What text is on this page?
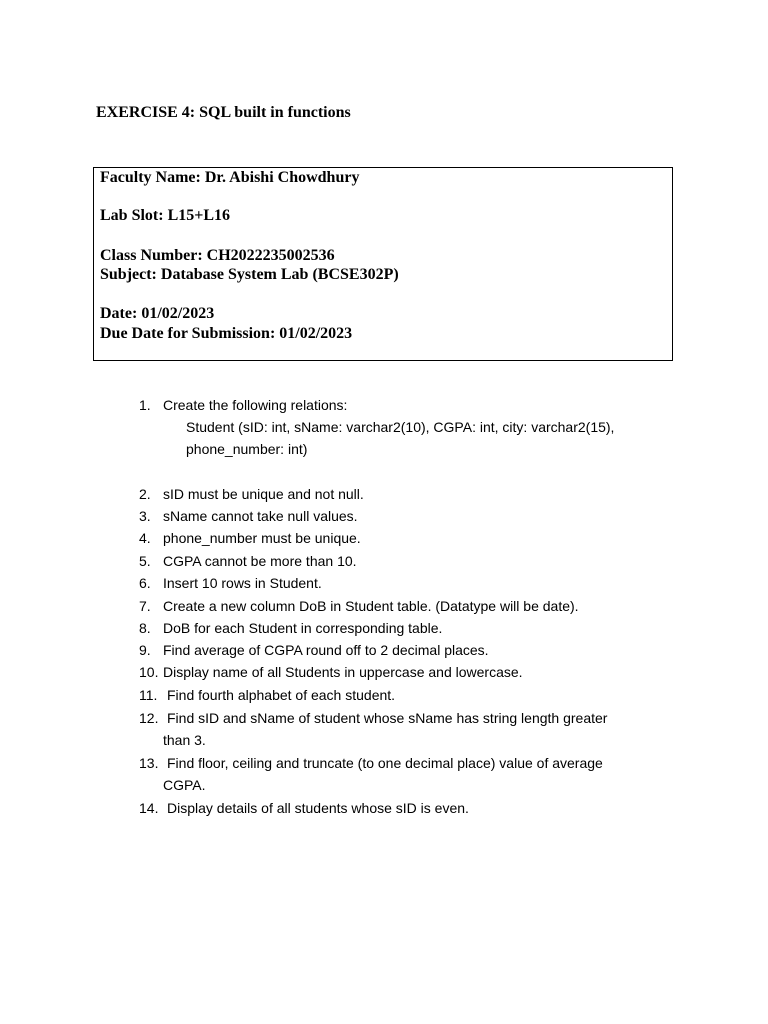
EXERCISE 4: SQL built in functions
Faculty Name: Dr. Abishi Chowdhury
Lab Slot: L15+L16
Class Number: CH2022235002536
Subject: Database System Lab (BCSE302P)
Date: 01/02/2023
Due Date for Submission: 01/02/2023
1. Create the following relations:
Student (sID: int, sName: varchar2(10), CGPA: int, city: varchar2(15),
phone_number: int)
2. sID must be unique and not null.
3. sName cannot take null values.
4. phone_number must be unique.
5. CGPA cannot be more than 10.
6. Insert 10 rows in Student.
7. Create a new column DoB in Student table. (Datatype will be date).
8. DoB for each Student in corresponding table.
9. Find average of CGPA round off to 2 decimal places.
10. Display name of all Students in uppercase and lowercase.
11. Find fourth alphabet of each student.
12. Find sID and sName of student whose sName has string length greater
than 3.
13. Find floor, ceiling and truncate (to one decimal place) value of average
CGPA.
14. Display details of all students whose sID is even.
